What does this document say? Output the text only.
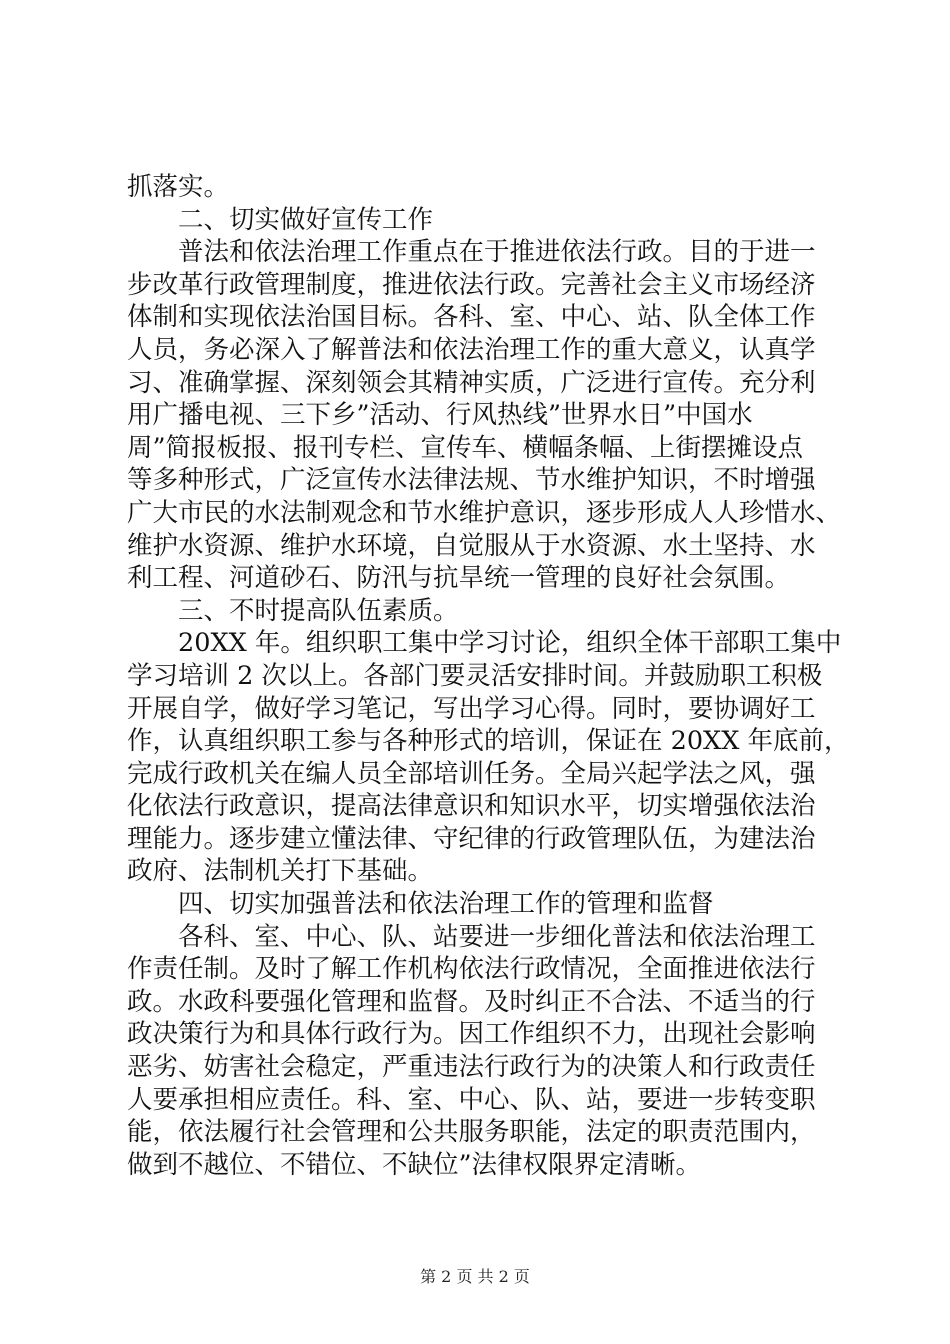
抓落实。
　　二、切实做好宣传工作
　　普法和依法治理工作重点在于推进依法行政。目的于进一
步改革行政管理制度，推进依法行政。完善社会主义市场经济
体制和实现依法治国目标。各科、室、中心、站、队全体工作
人员，务必深入了解普法和依法治理工作的重大意义，认真学
习、准确掌握、深刻领会其精神实质，广泛进行宣传。充分利
用广播电视、三下乡”活动、行风热线”世界水日”中国水
周”简报板报、报刊专栏、宣传车、横幅条幅、上街摆摊设点
等多种形式，广泛宣传水法律法规、节水维护知识，不时增强
广大市民的水法制观念和节水维护意识，逐步形成人人珍惜水、
维护水资源、维护水环境，自觉服从于水资源、水土坚持、水
利工程、河道砂石、防汛与抗旱统一管理的良好社会氛围。
　　三、不时提高队伍素质。
　　20XX 年。组织职工集中学习讨论，组织全体干部职工集中
学习培训 2 次以上。各部门要灵活安排时间。并鼓励职工积极
开展自学，做好学习笔记，写出学习心得。同时，要协调好工
作，认真组织职工参与各种形式的培训，保证在 20XX 年底前，
完成行政机关在编人员全部培训任务。全局兴起学法之风，强
化依法行政意识，提高法律意识和知识水平，切实增强依法治
理能力。逐步建立懂法律、守纪律的行政管理队伍，为建法治
政府、法制机关打下基础。
　　四、切实加强普法和依法治理工作的管理和监督
　　各科、室、中心、队、站要进一步细化普法和依法治理工
作责任制。及时了解工作机构依法行政情况，全面推进依法行
政。水政科要强化管理和监督。及时纠正不合法、不适当的行
政决策行为和具体行政行为。因工作组织不力，出现社会影响
恶劣、妨害社会稳定，严重违法行政行为的决策人和行政责任
人要承担相应责任。科、室、中心、队、站，要进一步转变职
能，依法履行社会管理和公共服务职能，法定的职责范围内，
做到不越位、不错位、不缺位”法律权限界定清晰。
第 2 页 共 2 页
